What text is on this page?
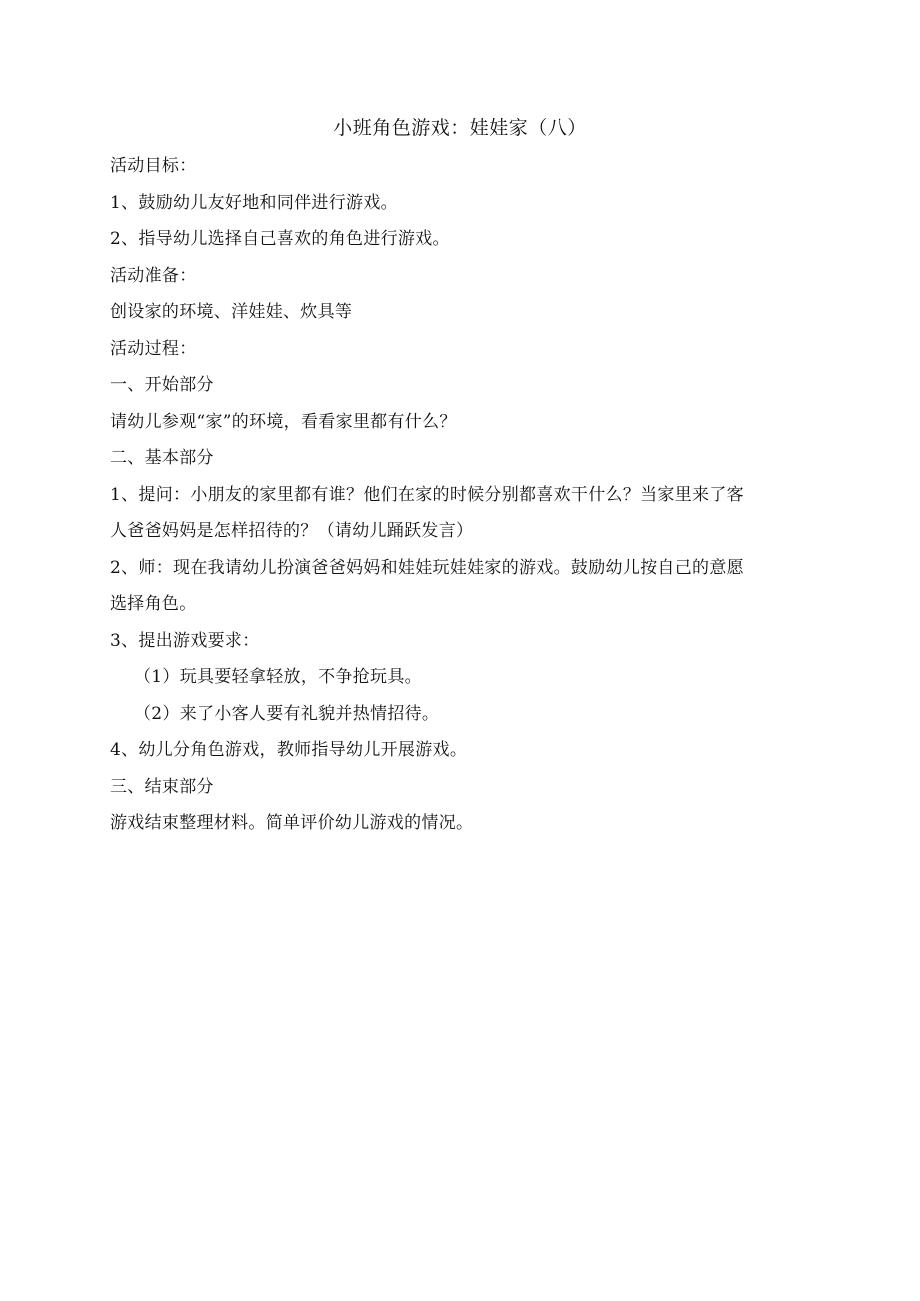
小班角色游戏：娃娃家（八）
活动目标：
1、鼓励幼儿友好地和同伴进行游戏。
2、指导幼儿选择自己喜欢的角色进行游戏。
活动准备：
创设家的环境、洋娃娃、炊具等
活动过程：
一、开始部分
请幼儿参观“家”的环境，看看家里都有什么？
二、基本部分
1、提问：小朋友的家里都有谁？他们在家的时候分别都喜欢干什么？当家里来了客
人爸爸妈妈是怎样招待的？（请幼儿踊跃发言）
2、师：现在我请幼儿扮演爸爸妈妈和娃娃玩娃娃家的游戏。鼓励幼儿按自己的意愿
选择角色。
3、提出游戏要求：
（1）玩具要轻拿轻放，不争抢玩具。
（2）来了小客人要有礼貌并热情招待。
4、幼儿分角色游戏，教师指导幼儿开展游戏。
三、结束部分
游戏结束整理材料。简单评价幼儿游戏的情况。
